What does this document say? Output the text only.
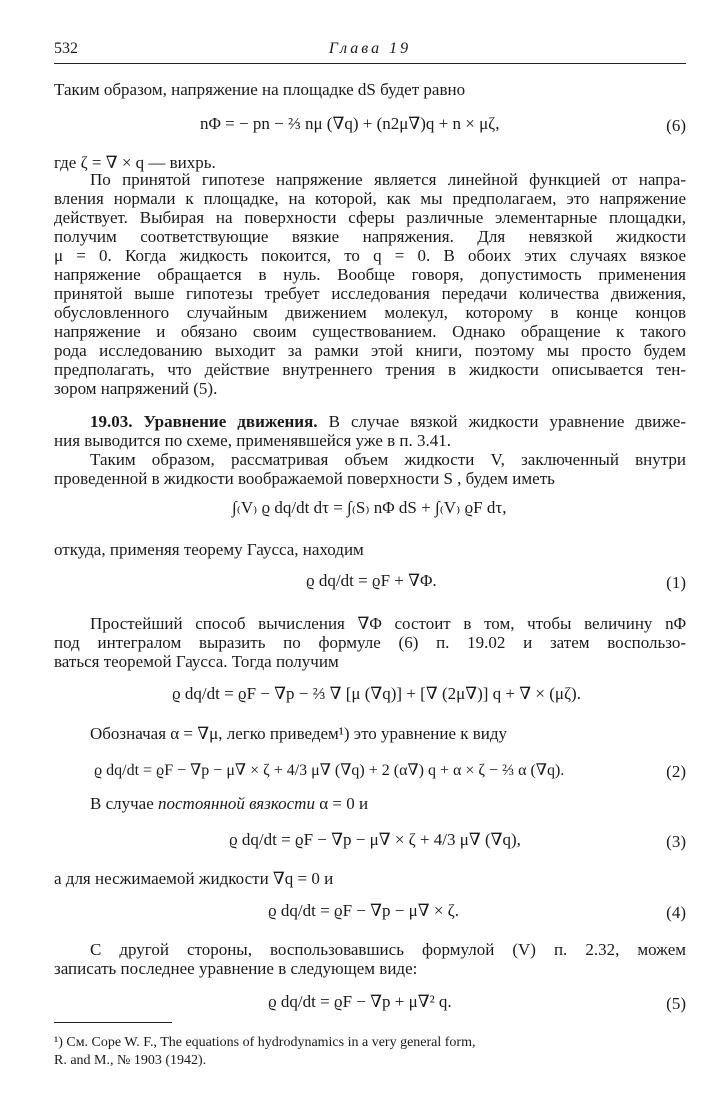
532	Глава 19
Таким образом, напряжение на площадке dS будет равно
nΦ = − pn − ⅔ nμ (∇q) + (n2μ∇)q + n × μζ,	(6)
где ζ = ∇ × q — вихрь.
По принятой гипотезе напряжение является линейной функцией от напра-
вления нормали к площадке, на которой, как мы предполагаем, это напряжение
действует. Выбирая на поверхности сферы различные элементарные площадки,
получим соответствующие вязкие напряжения. Для невязкой жидкости
μ = 0. Когда жидкость покоится, то q = 0. В обоих этих случаях вязкое
напряжение обращается в нуль. Вообще говоря, допустимость применения
принятой выше гипотезы требует исследования передачи количества движения,
обусловленного случайным движением молекул, которому в конце концов
напряжение и обязано своим существованием. Однако обращение к такого
рода исследованию выходит за рамки этой книги, поэтому мы просто будем
предполагать, что действие внутреннего трения в жидкости описывается тен-
зором напряжений (5).
19.03. Уравнение движения. В случае вязкой жидкости уравнение движе-
ния выводится по схеме, применявшейся уже в п. 3.41.
Таким образом, рассматривая объем жидкости V, заключенный внутри
проведенной в жидкости воображаемой поверхности S , будем иметь
∫₍V₎ ϱ dq/dt dτ = ∫₍S₎ nΦ dS + ∫₍V₎ ϱF dτ,
откуда, применяя теорему Гаусса, находим
ϱ dq/dt = ϱF + ∇Φ.	(1)
Простейший способ вычисления ∇Φ состоит в том, чтобы величину nΦ
под интегралом выразить по формуле (6) п. 19.02 и затем воспользо-
ваться теоремой Гаусса. Тогда получим
ϱ dq/dt = ϱF − ∇p − ⅔ ∇ [μ (∇q)] + [∇ (2μ∇)] q + ∇ × (μζ).
Обозначая α = ∇μ, легко приведем¹) это уравнение к виду
ϱ dq/dt = ϱF − ∇p − μ∇ × ζ + 4/3 μ∇ (∇q) + 2 (α∇) q + α × ζ − ⅔ α (∇q).	(2)
В случае постоянной вязкости α = 0 и
ϱ dq/dt = ϱF − ∇p − μ∇ × ζ + 4/3 μ∇ (∇q),	(3)
а для несжимаемой жидкости ∇q = 0 и
ϱ dq/dt = ϱF − ∇p − μ∇ × ζ.	(4)
С другой стороны, воспользовавшись формулой (V) п. 2.32, можем
записать последнее уравнение в следующем виде:
ϱ dq/dt = ϱF − ∇p + μ∇² q.	(5)
¹) См. Cope W. F., The equations of hydrodynamics in a very general form,
R. and M., № 1903 (1942).
